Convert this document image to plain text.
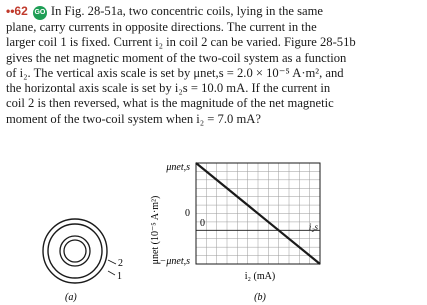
••62 GO In Fig. 28-51a, two concentric coils, lying in the same
plane, carry currents in opposite directions. The current in the
larger coil 1 is fixed. Current i₂ in coil 2 can be varied. Figure 28-51b
gives the net magnetic moment of the two-coil system as a function
of i₂. The vertical axis scale is set by μnet,s = 2.0 × 10⁻⁵ A·m², and
the horizontal axis scale is set by i₂s = 10.0 mA. If the current in
coil 2 is then reversed, what is the magnitude of the net magnetic
moment of the two-coil system when i₂ = 7.0 mA?
2
1
(a)
μnet,s
0
−μnet,s
0	i₂s
μnet (10⁻⁵ A·m²)
i₂ (mA)
(b)
